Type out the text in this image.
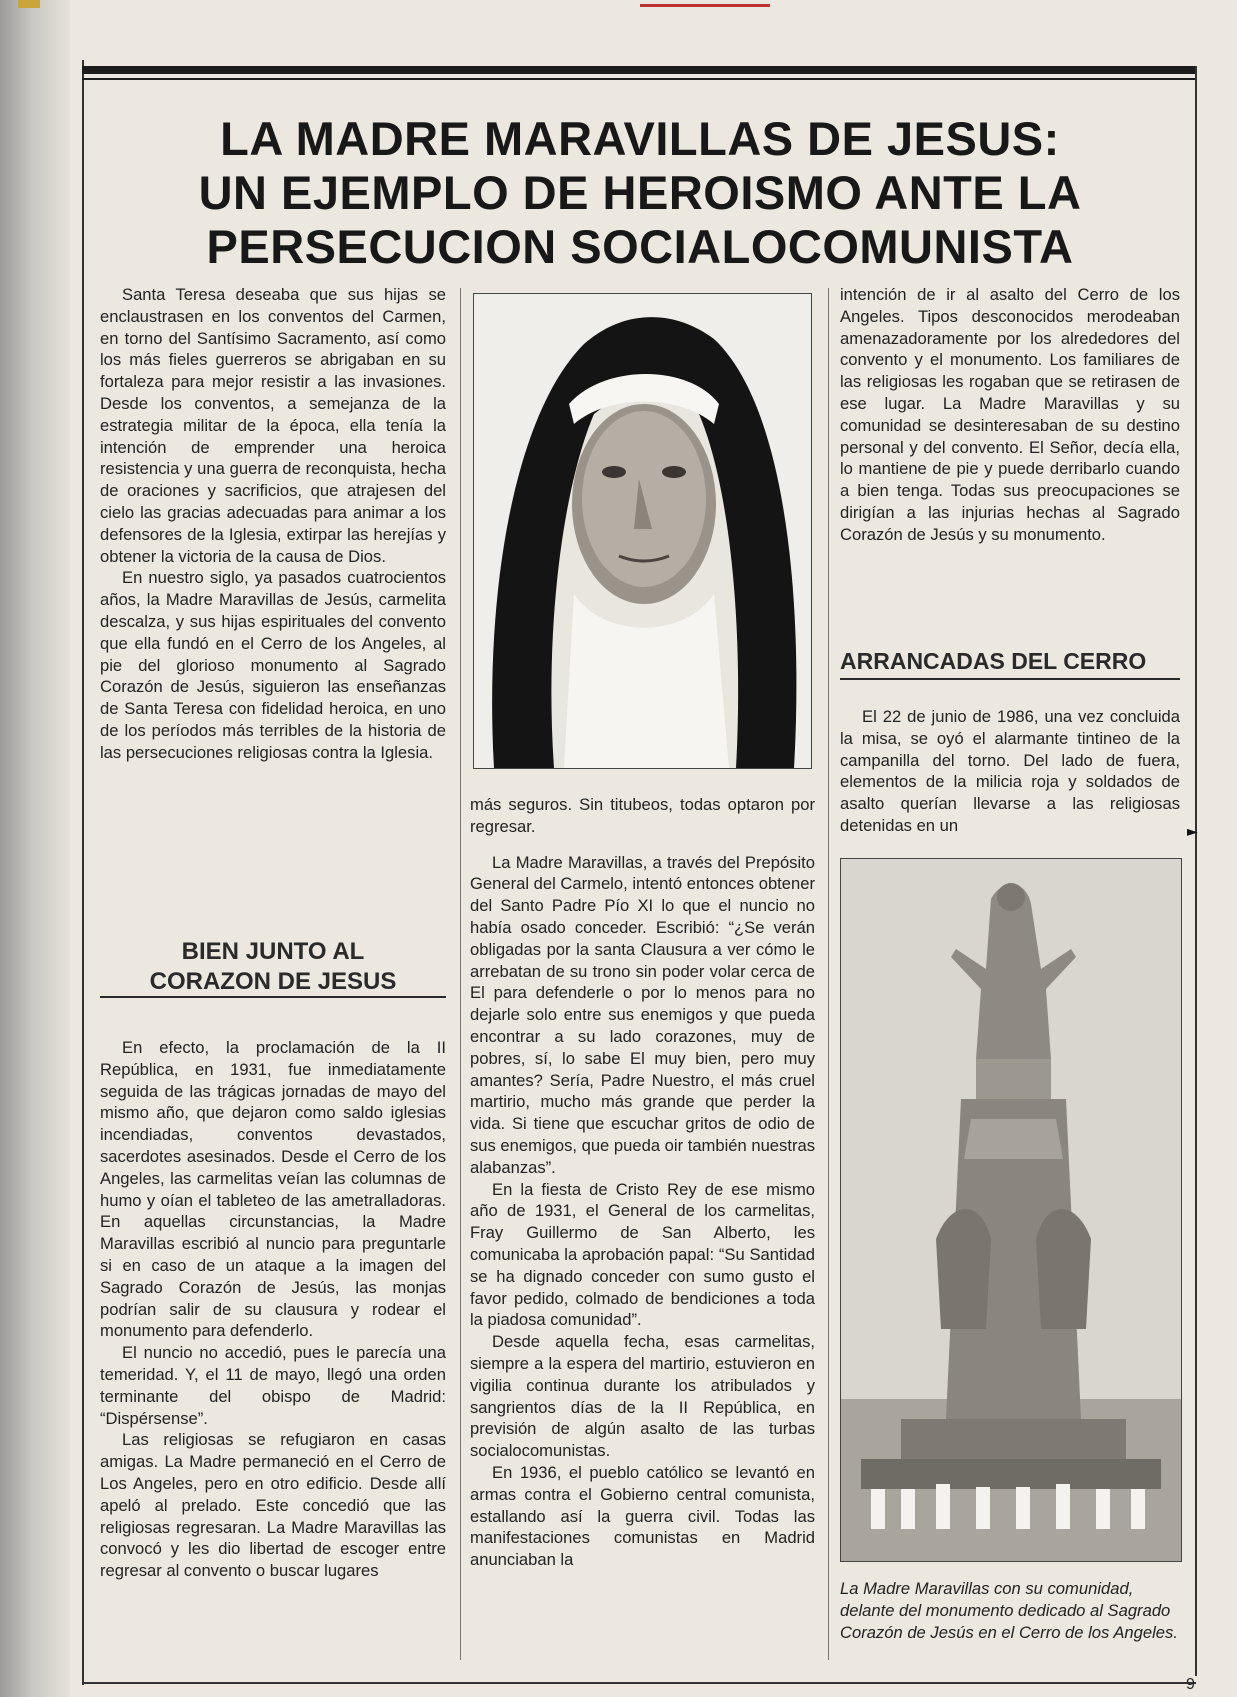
LA MADRE MARAVILLAS DE JESUS:
UN EJEMPLO DE HEROISMO ANTE LA
PERSECUCION SOCIALOCOMUNISTA

Santa Teresa deseaba que sus hijas se enclaustrasen en los conventos del Carmen, en torno del Santísimo Sacramento, así como los más fieles guerreros se abrigaban en su fortaleza para mejor resistir a las invasiones. Desde los conventos, a semejanza de la estrategia militar de la época, ella tenía la intención de emprender una heroica resistencia y una guerra de reconquista, hecha de oraciones y sacrificios, que atrajesen del cielo las gracias adecuadas para animar a los defensores de la Iglesia, extirpar las herejías y obtener la victoria de la causa de Dios.

En nuestro siglo, ya pasados cuatrocientos años, la Madre Maravillas de Jesús, carmelita descalza, y sus hijas espirituales del convento que ella fundó en el Cerro de los Angeles, al pie del glorioso monumento al Sagrado Corazón de Jesús, siguieron las enseñanzas de Santa Teresa con fidelidad heroica, en uno de los períodos más terribles de la historia de las persecuciones religiosas contra la Iglesia.

BIEN JUNTO AL
CORAZON DE JESUS

En efecto, la proclamación de la II República, en 1931, fue inmediatamente seguida de las trágicas jornadas de mayo del mismo año, que dejaron como saldo iglesias incendiadas, conventos devastados, sacerdotes asesinados. Desde el Cerro de los Angeles, las carmelitas veían las columnas de humo y oían el tableteo de las ametralladoras. En aquellas circunstancias, la Madre Maravillas escribió al nuncio para preguntarle si en caso de un ataque a la imagen del Sagrado Corazón de Jesús, las monjas podrían salir de su clausura y rodear el monumento para defenderlo.

El nuncio no accedió, pues le parecía una temeridad. Y, el 11 de mayo, llegó una orden terminante del obispo de Madrid: “Dispérsense”.

Las religiosas se refugiaron en casas amigas. La Madre permaneció en el Cerro de Los Angeles, pero en otro edificio. Desde allí apeló al prelado. Este concedió que las religiosas regresaran. La Madre Maravillas las convocó y les dio libertad de escoger entre regresar al convento o buscar lugares

más seguros. Sin titubeos, todas optaron por regresar.

La Madre Maravillas, a través del Prepósito General del Carmelo, intentó entonces obtener del Santo Padre Pío XI lo que el nuncio no había osado conceder. Escribió: “¿Se verán obligadas por la santa Clausura a ver cómo le arrebatan de su trono sin poder volar cerca de El para defenderle o por lo menos para no dejarle solo entre sus enemigos y que pueda encontrar a su lado corazones, muy de pobres, sí, lo sabe El muy bien, pero muy amantes? Sería, Padre Nuestro, el más cruel martirio, mucho más grande que perder la vida. Si tiene que escuchar gritos de odio de sus enemigos, que pueda oir también nuestras alabanzas”.

En la fiesta de Cristo Rey de ese mismo año de 1931, el General de los carmelitas, Fray Guillermo de San Alberto, les comunicaba la aprobación papal: “Su Santidad se ha dignado conceder con sumo gusto el favor pedido, colmado de bendiciones a toda la piadosa comunidad”.

Desde aquella fecha, esas carmelitas, siempre a la espera del martirio, estuvieron en vigilia continua durante los atribulados y sangrientos días de la II República, en previsión de algún asalto de las turbas socialocomunistas.

En 1936, el pueblo católico se levantó en armas contra el Gobierno central comunista, estallando así la guerra civil. Todas las manifestaciones comunistas en Madrid anunciaban la

intención de ir al asalto del Cerro de los Angeles. Tipos desconocidos merodeaban amenazadoramente por los alrededores del convento y el monumento. Los familiares de las religiosas les rogaban que se retirasen de ese lugar. La Madre Maravillas y su comunidad se desinteresaban de su destino personal y del convento. El Señor, decía ella, lo mantiene de pie y puede derribarlo cuando a bien tenga. Todas sus preocupaciones se dirigían a las injurias hechas al Sagrado Corazón de Jesús y su monumento.

ARRANCADAS DEL CERRO

El 22 de junio de 1986, una vez concluida la misa, se oyó el alarmante tintineo de la campanilla del torno. Del lado de fuera, elementos de la milicia roja y soldados de asalto querían llevarse a las religiosas detenidas en un	►

La Madre Maravillas con su comunidad, delante del monumento dedicado al Sagrado Corazón de Jesús en el Cerro de los Angeles.

9
